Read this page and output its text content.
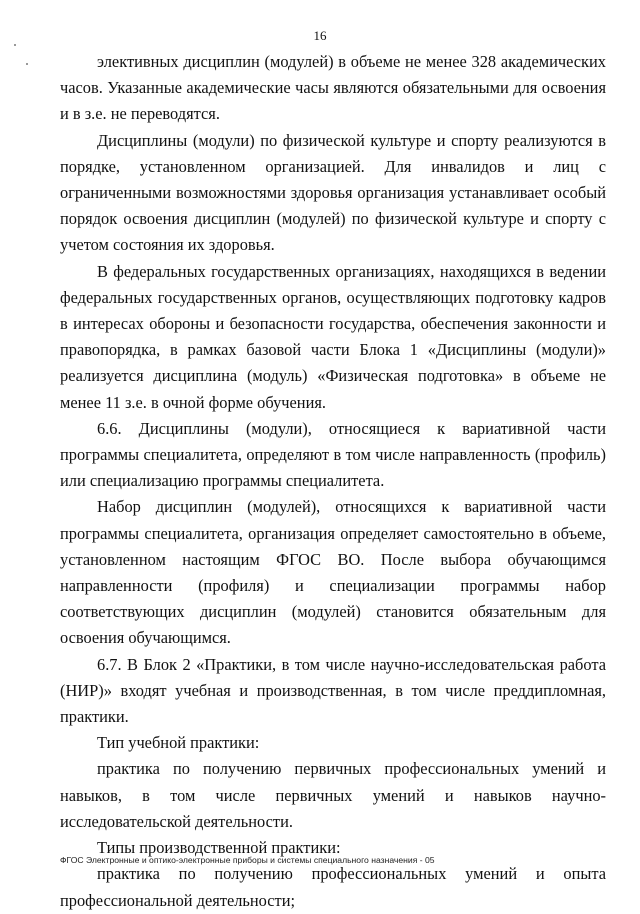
16

элективных дисциплин (модулей) в объеме не менее 328 академических часов. Указанные академические часы являются обязательными для освоения и в з.е. не переводятся.

Дисциплины (модули) по физической культуре и спорту реализуются в порядке, установленном организацией. Для инвалидов и лиц с ограниченными возможностями здоровья организация устанавливает особый порядок освоения дисциплин (модулей) по физической культуре и спорту с учетом состояния их здоровья.

В федеральных государственных организациях, находящихся в ведении федеральных государственных органов, осуществляющих подготовку кадров в интересах обороны и безопасности государства, обеспечения законности и правопорядка, в рамках базовой части Блока 1 «Дисциплины (модули)» реализуется дисциплина (модуль) «Физическая подготовка» в объеме не менее 11 з.е. в очной форме обучения.

6.6. Дисциплины (модули), относящиеся к вариативной части программы специалитета, определяют в том числе направленность (профиль) или специализацию программы специалитета.

Набор дисциплин (модулей), относящихся к вариативной части программы специалитета, организация определяет самостоятельно в объеме, установленном настоящим ФГОС ВО. После выбора обучающимся направленности (профиля) и специализации программы набор соответствующих дисциплин (модулей) становится обязательным для освоения обучающимся.

6.7. В Блок 2 «Практики, в том числе научно-исследовательская работа (НИР)» входят учебная и производственная, в том числе преддипломная, практики.

Тип учебной практики:

практика по получению первичных профессиональных умений и навыков, в том числе первичных умений и навыков научно-исследовательской деятельности.

Типы производственной практики:

практика по получению профессиональных умений и опыта профессиональной деятельности;

ФГОС Электронные и оптико-электронные приборы и системы специального назначения - 05
